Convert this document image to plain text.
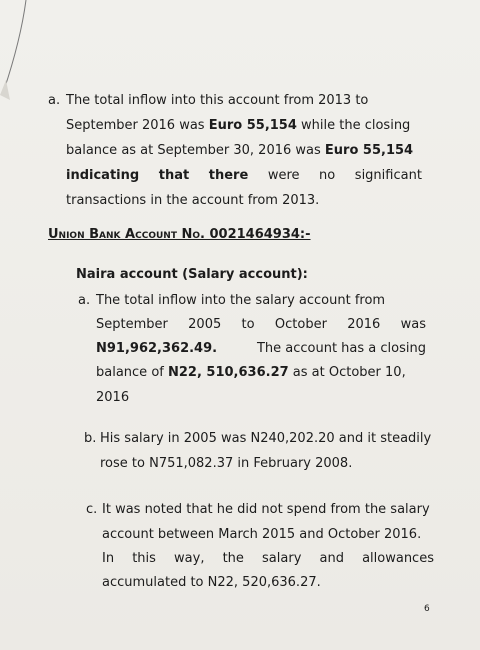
a. The total inflow into this account from 2013 to
September 2016 was Euro 55,154 while the closing
balance as at September 30, 2016 was Euro 55,154
indicating that there were no significant
transactions in the account from 2013.
Union Bank Account No. 0021464934:-
Naira account (Salary account):
a. The total inflow into the salary account from
September 2005 to October 2016 was
N91,962,362.49.	The account has a closing
balance of N22, 510,636.27 as at October 10,
2016
b. His salary in 2005 was N240,202.20 and it steadily
rose to N751,082.37 in February 2008.
c. It was noted that he did not spend from the salary
account between March 2015 and October 2016.
In this way, the salary and allowances
accumulated to N22, 520,636.27.
6
